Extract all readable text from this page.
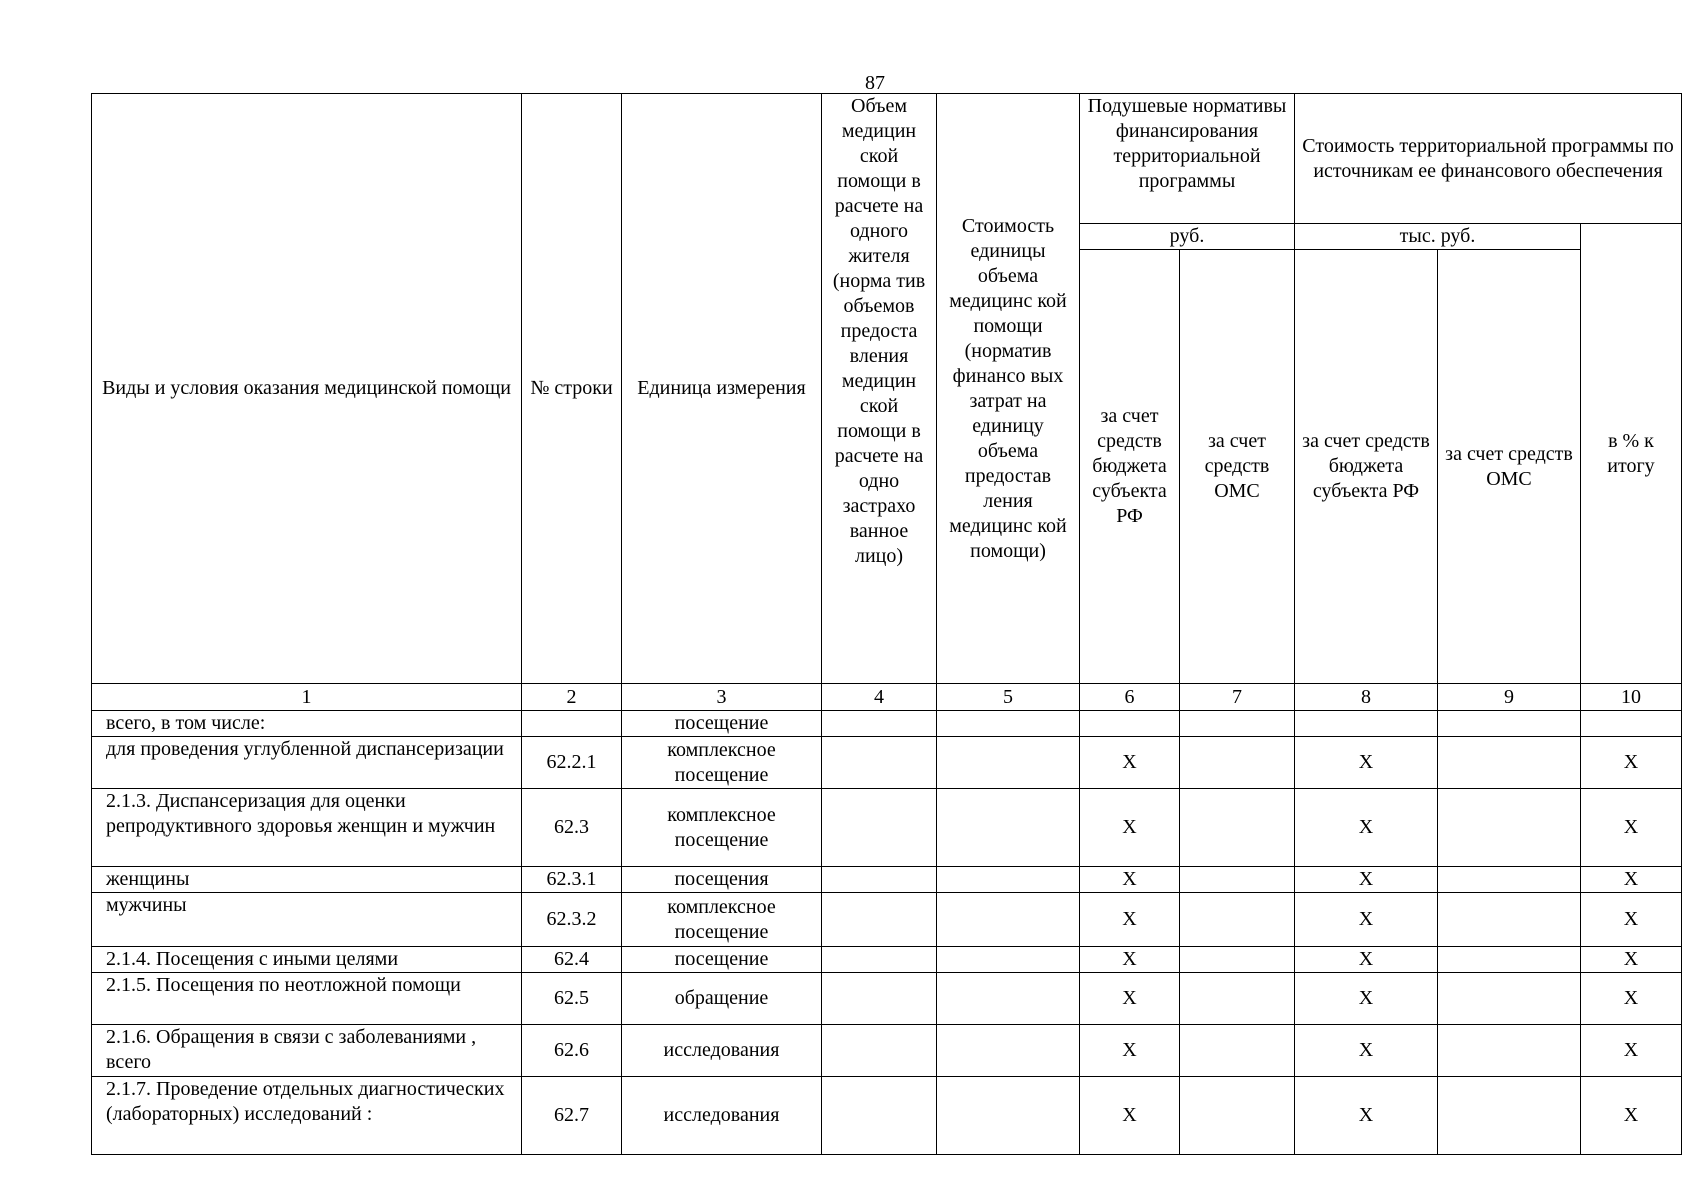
87
Виды и условия оказания медицинской помощи	№ строки	Единица измерения	Объем медицин ской помощи в расчете на одного жителя (норма тив объемов предоста вления медицин ской помощи в расчете на одно застрахо ванное лицо)	Стоимость единицы объема медицинс кой помощи (норматив финансо вых затрат на единицу объема предостав ления медицинс кой помощи)	Подушевые нормативы финансирования территориальной программы		Стоимость территориальной программы по источникам ее финансового обеспечения		
					руб.		тыс. руб.		в % к итогу
					за счет средств бюджета субъекта РФ	за счет средств ОМС	за счет средств бюджета субъекта РФ	за счет средств ОМС	
1	2	3	4	5	6	7	8	9	10
всего, в том числе:		посещение							
для проведения углубленной диспансеризации	62.2.1	комплексное посещение			Х		Х		Х
2.1.3. Диспансеризация для оценки репродуктивного здоровья женщин и мужчин	62.3	комплексное посещение			Х		Х		Х
женщины	62.3.1	посещения			Х		Х		Х
мужчины	62.3.2	комплексное посещение			Х		Х		Х
2.1.4. Посещения с иными целями	62.4	посещение			Х		Х		Х
2.1.5. Посещения по неотложной помощи	62.5	обращение			Х		Х		Х
2.1.6. Обращения в связи с заболеваниями , всего	62.6	исследования			Х		Х		Х
2.1.7. Проведение отдельных диагностических (лабораторных) исследований :	62.7	исследования			Х		Х		Х
